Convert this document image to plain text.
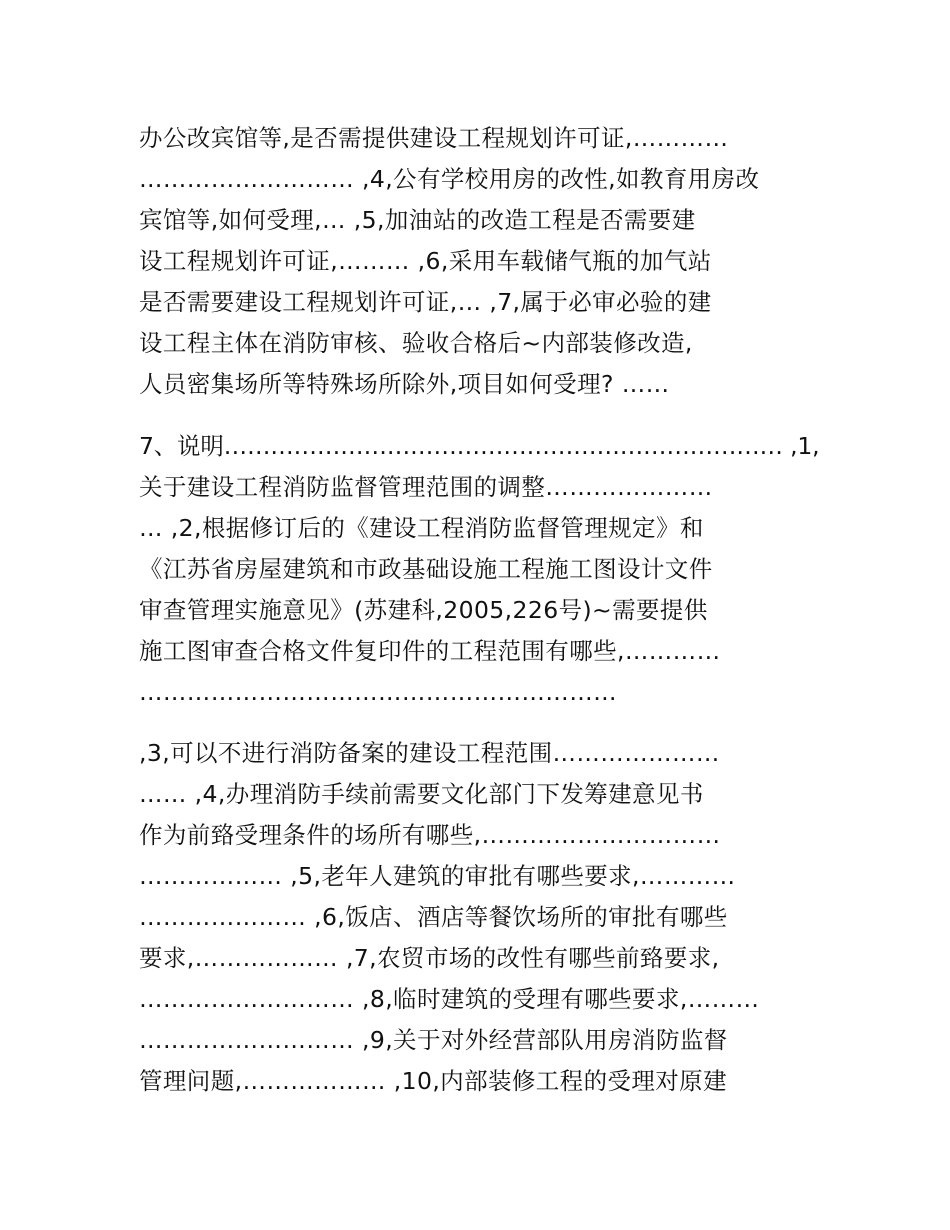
办公改宾馆等,是否需提供建设工程规划许可证,…………
……………………… ,4,公有学校用房的改性,如教育用房改
宾馆等,如何受理,… ,5,加油站的改造工程是否需要建
设工程规划许可证,……… ,6,采用车载储气瓶的加气站
是否需要建设工程规划许可证,… ,7,属于必审必验的建
设工程主体在消防审核、验收合格后~内部装修改造,
人员密集场所等特殊场所除外,项目如何受理? ……
7、说明……………………………………………………………… ,1,
关于建设工程消防监督管理范围的调整…………………
… ,2,根据修订后的《建设工程消防监督管理规定》和
《江苏省房屋建筑和市政基础设施工程施工图设计文件
审查管理实施意见》(苏建科,2005,226号)~需要提供
施工图审查合格文件复印件的工程范围有哪些,…………
……………………………………………………
,3,可以不进行消防备案的建设工程范围…………………
…… ,4,办理消防手续前需要文化部门下发筹建意见书
作为前臵受理条件的场所有哪些,…………………………
……………… ,5,老年人建筑的审批有哪些要求,…………
………………… ,6,饭店、酒店等餐饮场所的审批有哪些
要求,……………… ,7,农贸市场的改性有哪些前臵要求,
……………………… ,8,临时建筑的受理有哪些要求,………
……………………… ,9,关于对外经营部队用房消防监督
管理问题,……………… ,10,内部装修工程的受理对原建
